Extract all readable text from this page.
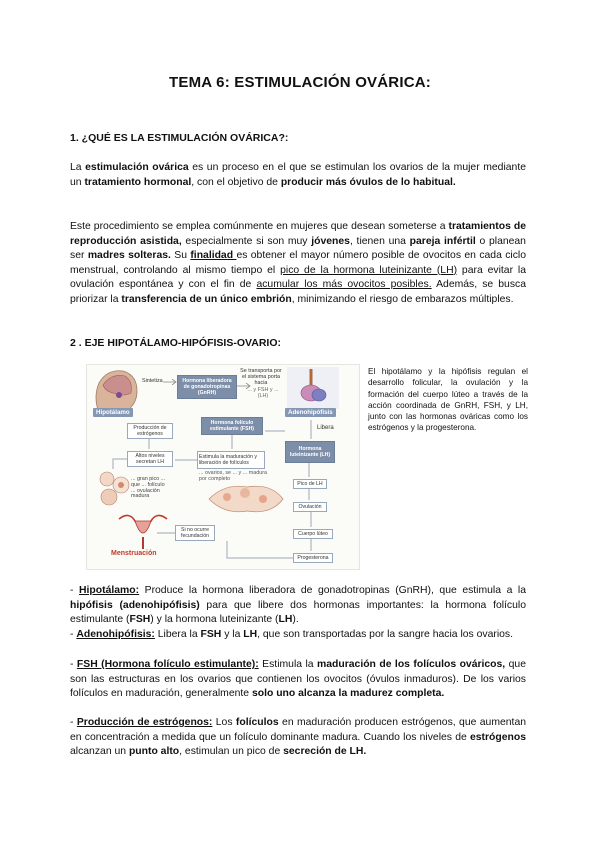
TEMA 6: ESTIMULACIÓN OVÁRICA:
1. ¿QUÉ ES LA ESTIMULACIÓN OVÁRICA?:

La estimulación ovárica es un proceso en el que se estimulan los ovarios de la mujer mediante un tratamiento hormonal, con el objetivo de producir más óvulos de lo habitual.

Este procedimiento se emplea comúnmente en mujeres que desean someterse a tratamientos de reproducción asistida, especialmente si son muy jóvenes, tienen una pareja infértil o planean ser madres solteras. Su finalidad es obtener el mayor número posible de ovocitos en cada ciclo menstrual, controlando al mismo tiempo el pico de la hormona luteinizante (LH) para evitar la ovulación espontánea y con el fin de acumular los más ovocitos posibles. Además, se busca priorizar la transferencia de un único embrión, minimizando el riesgo de embarazos múltiples.

2 . EJE HIPOTÁLAMO-HIPÓFISIS-OVARIO:
Hipotálamo
Sintetiza	Hormona liberadora de gonadotropinas (GnRH)
Se transporta por el sistema porta hacia
... y FSH y ... (LH)
Adenohipófisis
Hormona folículo estimulante (FSH)	Libera
Producción de estrógenos
Altos niveles secretan LH
Estimula la maduración y liberación de folículos
... ovarios, se ... y ... madura por completo
Hormona luteinizante (LH)
... gran pico ... que ... folículo ... ovulación madura
Menstruación
Si no ocurre fecundación
Pico de LH
Ovulación
Cuerpo lúteo
Progesterona

El hipotálamo y la hipófisis regulan el desarrollo folicular, la ovulación y la formación del cuerpo lúteo a través de la acción coordinada de GnRH, FSH, y LH, junto con las hormonas ováricas como los estrógenos y la progesterona.

- Hipotálamo: Produce la hormona liberadora de gonadotropinas (GnRH), que estimula a la hipófisis (adenohipófisis) para que libere dos hormonas importantes: la hormona folículo estimulante (FSH) y la hormona luteinizante (LH).

- Adenohipófisis: Libera la FSH y la LH, que son transportadas por la sangre hacia los ovarios.

- FSH (Hormona folículo estimulante): Estimula la maduración de los folículos ováricos, que son las estructuras en los ovarios que contienen los ovocitos (óvulos inmaduros). De los varios folículos en maduración, generalmente solo uno alcanza la madurez completa.

- Producción de estrógenos: Los folículos en maduración producen estrógenos, que aumentan en concentración a medida que un folículo dominante madura. Cuando los niveles de estrógenos alcanzan un punto alto, estimulan un pico de secreción de LH.
